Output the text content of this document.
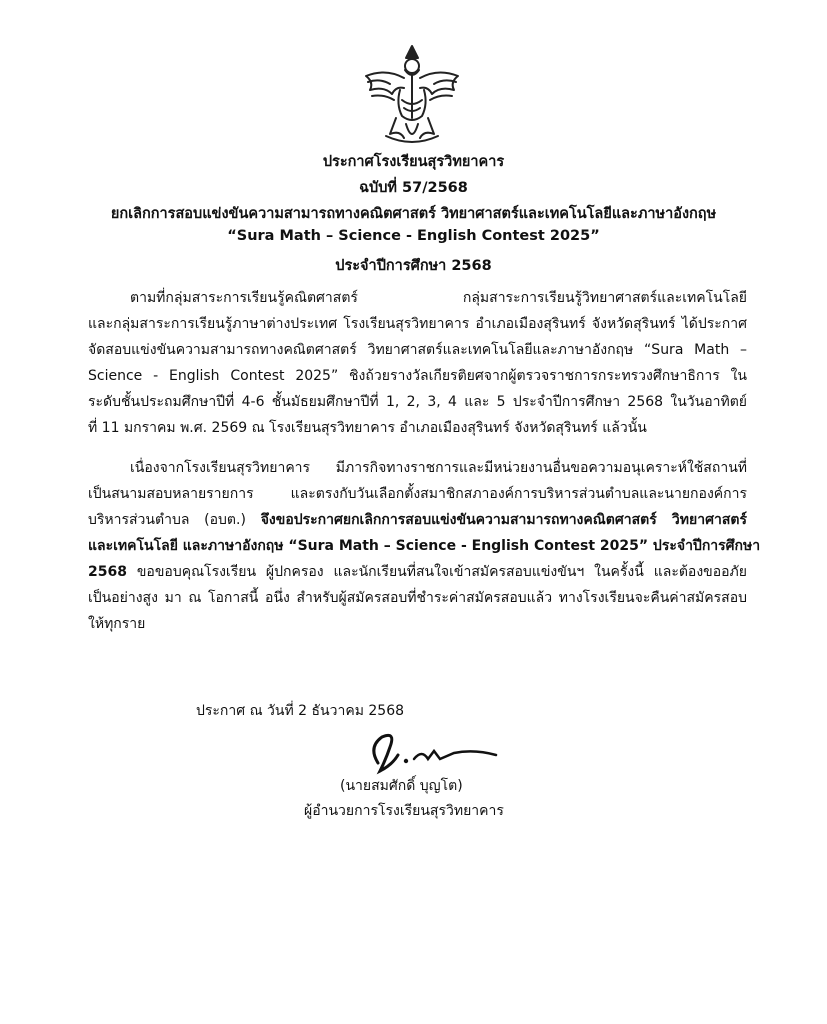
ประกาศโรงเรียนสุรวิทยาคาร
ฉบับที่ 57/2568
ยกเลิกการสอบแข่งขันความสามารถทางคณิตศาสตร์ วิทยาศาสตร์และเทคโนโลยีและภาษาอังกฤษ
“Sura Math – Science - English Contest 2025”
ประจำปีการศึกษา 2568
ตามที่กลุ่มสาระการเรียนรู้คณิตศาสตร์ กลุ่มสาระการเรียนรู้วิทยาศาสตร์และเทคโนโลยี
และกลุ่มสาระการเรียนรู้ภาษาต่างประเทศ โรงเรียนสุรวิทยาคาร อำเภอเมืองสุรินทร์ จังหวัดสุรินทร์ ได้ประกาศ
จัดสอบแข่งขันความสามารถทางคณิตศาสตร์ วิทยาศาสตร์และเทคโนโลยีและภาษาอังกฤษ “Sura Math –
Science - English Contest 2025” ชิงถ้วยรางวัลเกียรติยศจากผู้ตรวจราชการกระทรวงศึกษาธิการ ใน
ระดับชั้นประถมศึกษาปีที่ 4-6 ชั้นมัธยมศึกษาปีที่ 1, 2, 3, 4 และ 5 ประจำปีการศึกษา 2568 ในวันอาทิตย์
ที่ 11 มกราคม พ.ศ. 2569 ณ โรงเรียนสุรวิทยาคาร อำเภอเมืองสุรินทร์ จังหวัดสุรินทร์ แล้วนั้น
เนื่องจากโรงเรียนสุรวิทยาคาร มีภารกิจทางราชการและมีหน่วยงานอื่นขอความอนุเคราะห์ใช้สถานที่
เป็นสนามสอบหลายรายการ และตรงกับวันเลือกตั้งสมาชิกสภาองค์การบริหารส่วนตำบลและนายกองค์การ
บริหารส่วนตำบล (อบต.) จึงขอประกาศยกเลิกการสอบแข่งขันความสามารถทางคณิตศาสตร์ วิทยาศาสตร์
และเทคโนโลยี และภาษาอังกฤษ “Sura Math – Science - English Contest 2025” ประจำปีการศึกษา
2568 ขอขอบคุณโรงเรียน ผู้ปกครอง และนักเรียนที่สนใจเข้าสมัครสอบแข่งขันฯ ในครั้งนี้ และต้องขออภัย
เป็นอย่างสูง มา ณ โอกาสนี้ อนึ่ง สำหรับผู้สมัครสอบที่ชำระค่าสมัครสอบแล้ว ทางโรงเรียนจะคืนค่าสมัครสอบ
ให้ทุกราย
ประกาศ ณ วันที่ 2 ธันวาคม 2568
(นายสมศักดิ์ บุญโต)
ผู้อำนวยการโรงเรียนสุรวิทยาคาร
